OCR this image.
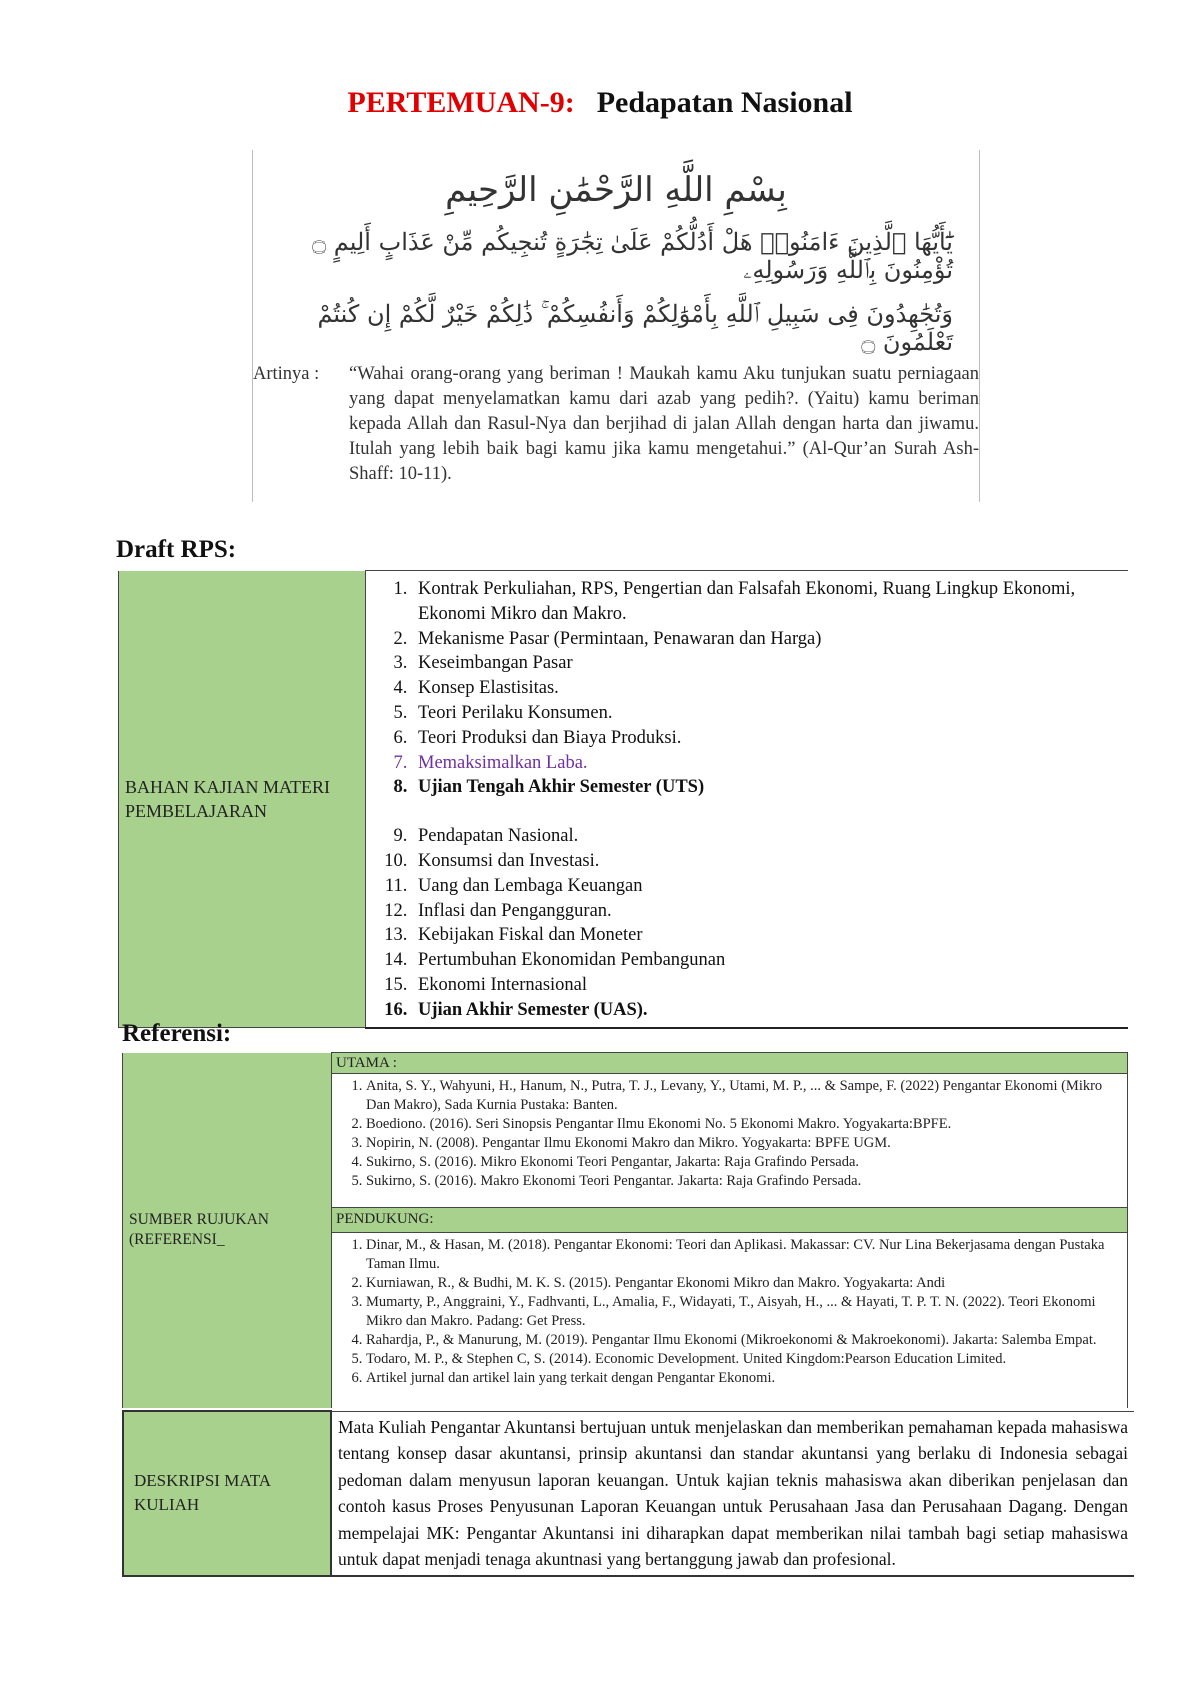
PERTEMUAN-9: Pedapatan Nasional
بِسْمِ اللَّهِ الرَّحْمَٰنِ الرَّحِيمِ
يَٰٓأَيُّهَا ٱلَّذِينَ ءَامَنُوا۟ هَلْ أَدُلُّكُمْ عَلَىٰ تِجَٰرَةٍ تُنجِيكُم مِّنْ عَذَابٍ أَلِيمٍ ۝ تُؤْمِنُونَ بِٱللَّهِ وَرَسُولِهِۦ
وَتُجَٰهِدُونَ فِى سَبِيلِ ٱللَّهِ بِأَمْوَٰلِكُمْ وَأَنفُسِكُمْ ۚ ذَٰلِكُمْ خَيْرٌ لَّكُمْ إِن كُنتُمْ تَعْلَمُونَ ۝
Artinya :	“Wahai orang-orang yang beriman ! Maukah kamu Aku tunjukan suatu perniagaan yang dapat menyelamatkan kamu dari azab yang pedih?. (Yaitu) kamu beriman kepada Allah dan Rasul-Nya dan berjihad di jalan Allah dengan harta dan jiwamu. Itulah yang lebih baik bagi kamu jika kamu mengetahui.” (Al-Qur’an Surah Ash-Shaff: 10-11).
Draft RPS:
BAHAN KAJIAN MATERI PEMBELAJARAN	
1. Kontrak Perkuliahan, RPS, Pengertian dan Falsafah Ekonomi, Ruang Lingkup Ekonomi, Ekonomi Mikro dan Makro.
2. Mekanisme Pasar (Permintaan, Penawaran dan Harga)
3. Keseimbangan Pasar
4. Konsep Elastisitas.
5. Teori Perilaku Konsumen.
6. Teori Produksi dan Biaya Produksi.
7. Memaksimalkan Laba.
8. Ujian Tengah Akhir Semester (UTS)
9. Pendapatan Nasional.
10. Konsumsi dan Investasi.
11. Uang dan Lembaga Keuangan
12. Inflasi dan Pengangguran.
13. Kebijakan Fiskal dan Moneter
14. Pertumbuhan Ekonomidan Pembangunan
15. Ekonomi Internasional
16. Ujian Akhir Semester (UAS).
Referensi:
SUMBER RUJUKAN (REFERENSI_	UTAMA :

1. Anita, S. Y., Wahyuni, H., Hanum, N., Putra, T. J., Levany, Y., Utami, M. P., ... & Sampe, F. (2022) Pengantar Ekonomi (Mikro Dan Makro), Sada Kurnia Pustaka: Banten.
2. Boediono. (2016). Seri Sinopsis Pengantar Ilmu Ekonomi No. 5 Ekonomi Makro. Yogyakarta:BPFE.
3. Nopirin, N. (2008). Pengantar Ilmu Ekonomi Makro dan Mikro. Yogyakarta: BPFE UGM.
4. Sukirno, S. (2016). Mikro Ekonomi Teori Pengantar, Jakarta: Raja Grafindo Persada.
5. Sukirno, S. (2016). Makro Ekonomi Teori Pengantar. Jakarta: Raja Grafindo Persada.

PENDUKUNG:

1. Dinar, M., & Hasan, M. (2018). Pengantar Ekonomi: Teori dan Aplikasi. Makassar: CV. Nur Lina Bekerjasama dengan Pustaka Taman Ilmu.
2. Kurniawan, R., & Budhi, M. K. S. (2015). Pengantar Ekonomi Mikro dan Makro. Yogyakarta: Andi
3. Mumarty, P., Anggraini, Y., Fadhvanti, L., Amalia, F., Widayati, T., Aisyah, H., ... & Hayati, T. P. T. N. (2022). Teori Ekonomi Mikro dan Makro. Padang: Get Press.
4. Rahardja, P., & Manurung, M. (2019). Pengantar Ilmu Ekonomi (Mikroekonomi & Makroekonomi). Jakarta: Salemba Empat.
5. Todaro, M. P., & Stephen C, S. (2014). Economic Development. United Kingdom:Pearson Education Limited.
6. Artikel jurnal dan artikel lain yang terkait dengan Pengantar Ekonomi.
DESKRIPSI MATA KULIAH	Mata Kuliah Pengantar Akuntansi bertujuan untuk menjelaskan dan memberikan pemahaman kepada mahasiswa tentang konsep dasar akuntansi, prinsip akuntansi dan standar akuntansi yang berlaku di Indonesia sebagai pedoman dalam menyusun laporan keuangan. Untuk kajian teknis mahasiswa akan diberikan penjelasan dan contoh kasus Proses Penyusunan Laporan Keuangan untuk Perusahaan Jasa dan Perusahaan Dagang. Dengan mempelajai MK: Pengantar Akuntansi ini diharapkan dapat memberikan nilai tambah bagi setiap mahasiswa untuk dapat menjadi tenaga akuntnasi yang bertanggung jawab dan profesional.
